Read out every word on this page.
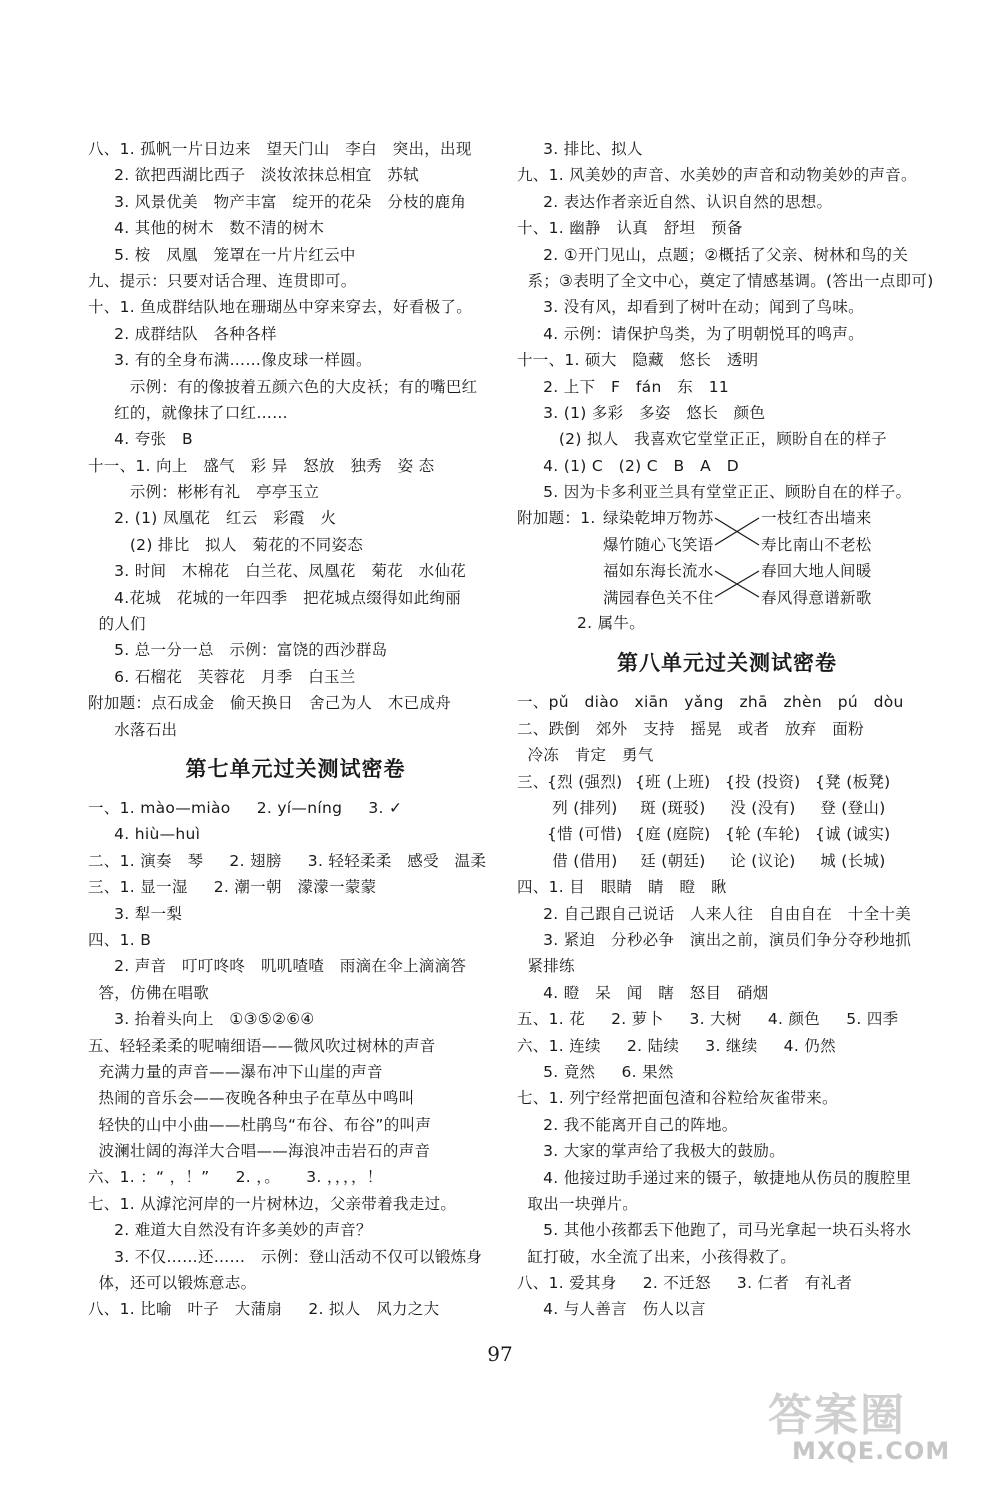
八、1. 孤帆一片日边来   望天门山   李白   突出，出现
2. 欲把西湖比西子   淡妆浓抹总相宜   苏轼
3. 风景优美   物产丰富   绽开的花朵   分枝的鹿角
4. 其他的树木   数不清的树木
5. 桉   凤凰   笼罩在一片片红云中
九、提示：只要对话合理、连贯即可。
十、1. 鱼成群结队地在珊瑚丛中穿来穿去，好看极了。
2. 成群结队   各种各样
3. 有的全身布满……像皮球一样圆。
示例：有的像披着五颜六色的大皮袄；有的嘴巴红
红的，就像抹了口红……
4. 夸张   B
十一、1. 向上   盛气   彩 异   怒放   独秀   姿 态
示例：彬彬有礼   亭亭玉立
2. (1) 凤凰花   红云   彩霞   火
(2) 排比   拟人   菊花的不同姿态
3. 时间   木棉花   白兰花、凤凰花   菊花   水仙花
4.花城   花城的一年四季   把花城点缀得如此绚丽
的人们
5. 总一分一总   示例：富饶的西沙群岛
6. 石榴花   芙蓉花   月季   白玉兰
附加题：点石成金   偷天换日   舍己为人   木已成舟
水落石出
第七单元过关测试密卷
一、1. mào—miào     2. yí—níng     3. ✓
4. hiù—huì
二、1. 演奏   琴     2. 翅膀     3. 轻轻柔柔   感受   温柔
三、1. 显一湿     2. 潮一朝   濛濛一蒙蒙
3. 犁一梨
四、1. B
2. 声音   叮叮咚咚   叽叽喳喳   雨滴在伞上滴滴答
答，仿佛在唱歌
3. 抬着头向上   ①③⑤②⑥④
五、轻轻柔柔的呢喃细语——微风吹过树林的声音
充满力量的声音——瀑布冲下山崖的声音
热闹的音乐会——夜晚各种虫子在草丛中鸣叫
轻快的山中小曲——杜鹃鸟“布谷、布谷”的叫声
波澜壮阔的海洋大合唱——海浪冲击岩石的声音
六、1. ：“ ，！”     2. ，。     3. ，，，，！
七、1. 从滹沱河岸的一片树林边，父亲带着我走过。
2. 难道大自然没有许多美妙的声音？
3. 不仅……还……   示例：登山活动不仅可以锻炼身
体，还可以锻炼意志。
八、1. 比喻   叶子   大蒲扇     2. 拟人   风力之大
3. 排比、拟人
九、1. 风美妙的声音、水美妙的声音和动物美妙的声音。
2. 表达作者亲近自然、认识自然的思想。
十、1. 幽静   认真   舒坦   预备
2. ①开门见山，点题；②概括了父亲、树林和鸟的关
系；③表明了全文中心，奠定了情感基调。(答出一点即可)
3. 没有风，却看到了树叶在动；闻到了鸟味。
4. 示例：请保护鸟类，为了明朝悦耳的鸣声。
十一、1. 硕大   隐藏   悠长   透明
2. 上下   F   fán   东   11
3. (1) 多彩   多姿   悠长   颜色
(2) 拟人   我喜欢它堂堂正正，顾盼自在的样子
4. (1) C   (2) C   B   A   D
5. 因为卡多利亚兰具有堂堂正正、顾盼自在的样子。
附加题：1. 绿染乾坤万物苏
爆竹随心飞笑语
福如东海长流水
满园春色关不住
一枝红杏出墙来
寿比南山不老松
春回大地人间暖
春风得意谱新歌
2. 属牛。
第八单元过关测试密卷
一、pǔ   diào   xiān   yǎng   zhā   zhèn   pú   dòu
二、跌倒   郊外   支持   摇晃   或者   放弃   面粉
冷冻   肯定   勇气
三、
{烈 (强烈) {班 (上班) {投 (投资) {凳 (板凳)
列 (排列) 斑 (斑驳) 没 (没有) 登 (登山)
{惜 (可惜) {庭 (庭院) {轮 (车轮) {诚 (诚实)
借 (借用) 廷 (朝廷) 论 (议论) 城 (长城)
四、1. 目   眼睛   睛   瞪   瞅
2. 自己跟自己说话   人来人往   自由自在   十全十美
3. 紧迫   分秒必争   演出之前，演员们争分夺秒地抓
紧排练
4. 瞪   呆   闻   瞎   怒目   硝烟
五、1. 花     2. 萝卜     3. 大树     4. 颜色     5. 四季
六、1. 连续     2. 陆续     3. 继续     4. 仍然
5. 竟然     6. 果然
七、1. 列宁经常把面包渣和谷粒给灰雀带来。
2. 我不能离开自己的阵地。
3. 大家的掌声给了我极大的鼓励。
4. 他接过助手递过来的镊子，敏捷地从伤员的腹腔里
取出一块弹片。
5. 其他小孩都丢下他跑了，司马光拿起一块石头将水
缸打破，水全流了出来，小孩得救了。
八、1. 爱其身     2. 不迁怒     3. 仁者   有礼者
4. 与人善言   伤人以言
97
答案圈
MXQE.COM
